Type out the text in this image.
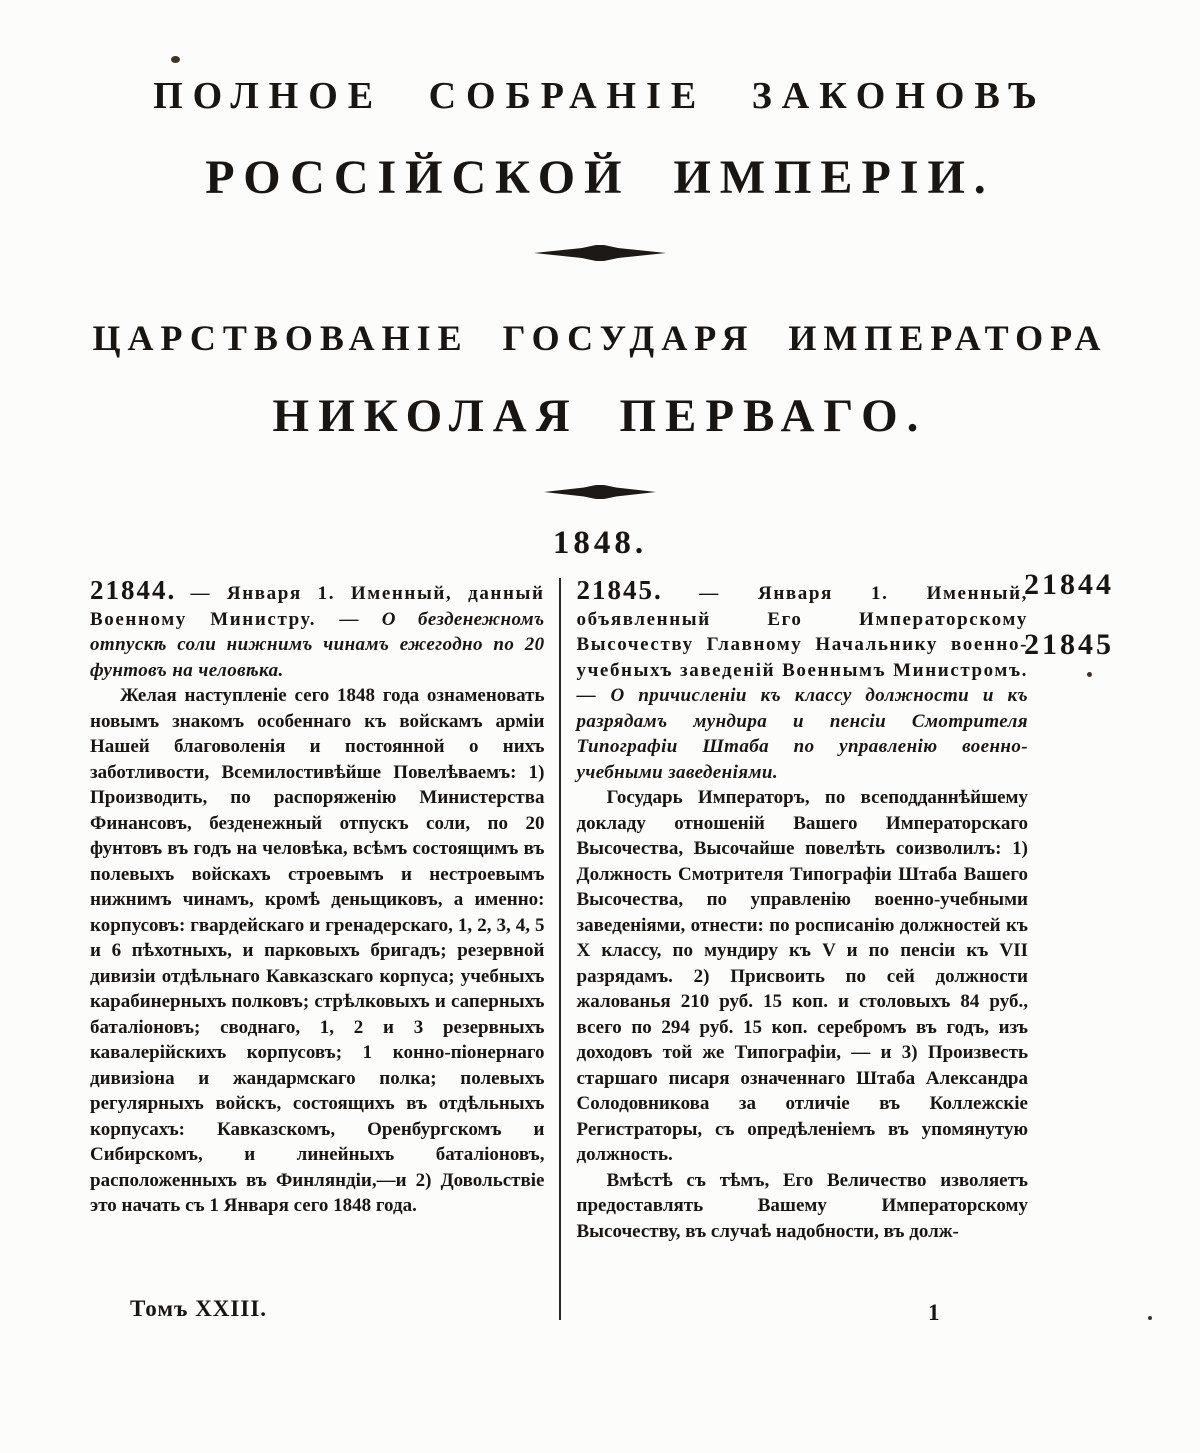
ПОЛНОЕ СОБРАНІЕ ЗАКОНОВЪ
РОССІЙСКОЙ ИМПЕРІИ.
ЦАРСТВОВАНІЕ ГОСУДАРЯ ИМПЕРАТОРА
НИКОЛАЯ ПЕРВАГО.
1848.

21844. — Января 1. Именный, данный Военному Министру. — О безденежномъ отпускѣ соли нижнимъ чинамъ ежегодно по 20 фунтовъ на человѣка.

Желая наступленіе сего 1848 года ознаменовать новымъ знакомъ особеннаго къ войскамъ арміи Нашей благоволенія и постоянной о нихъ заботливости, Всемилостивѣйше Повелѣваемъ: 1) Производить, по распоряженію Министерства Финансовъ, безденежный отпускъ соли, по 20 фунтовъ въ годъ на человѣка, всѣмъ состоящимъ въ полевыхъ войскахъ строевымъ и нестроевымъ нижнимъ чинамъ, кромѣ деньщиковъ, а именно: корпусовъ: гвардейскаго и гренадерскаго, 1, 2, 3, 4, 5 и 6 пѣхотныхъ, и парковыхъ бригадъ; резервной дивизіи отдѣльнаго Кавказскаго корпуса; учебныхъ карабинерныхъ полковъ; стрѣлковыхъ и саперныхъ баталіоновъ; своднаго, 1, 2 и 3 резервныхъ кавалерійскихъ корпусовъ; 1 конно-піонернаго дивизіона и жандармскаго полка; полевыхъ регулярныхъ войскъ, состоящихъ въ отдѣльныхъ корпусахъ: Кавказскомъ, Оренбургскомъ и Сибирскомъ, и линейныхъ баталіоновъ, расположенныхъ въ Финляндіи,—и 2) Довольствіе это начать съ 1 Января сего 1848 года.

21845. — Января 1. Именный, объявленный Его Императорскому Высочеству Главному Начальнику военно-учебныхъ заведеній Военнымъ Министромъ. — О причисленіи къ классу должности и къ разрядамъ мундира и пенсіи Смотрителя Типографіи Штаба по управленію военно-учебными заведеніями.

Государь Императоръ, по всеподданнѣйшему докладу отношеній Вашего Императорскаго Высочества, Высочайше повелѣть соизволилъ: 1) Должность Смотрителя Типографіи Штаба Вашего Высочества, по управленію военно-учебными заведеніями, отнести: по росписанію должностей къ X классу, по мундиру къ V и по пенсіи къ VII разрядамъ. 2) Присвоить по сей должности жалованья 210 руб. 15 коп. и столовыхъ 84 руб., всего по 294 руб. 15 коп. серебромъ въ годъ, изъ доходовъ той же Типографіи, — и 3) Произвесть старшаго писаря означеннаго Штаба Александра Солодовникова за отличіе въ Коллежскіе Регистраторы, съ опредѣленіемъ въ упомянутую должность.

Вмѣстѣ съ тѣмъ, Его Величество изволяетъ предоставлять Вашему Императорскому Высочеству, въ случаѣ надобности, въ долж-

21844
21845
Томъ XXIII.	1
